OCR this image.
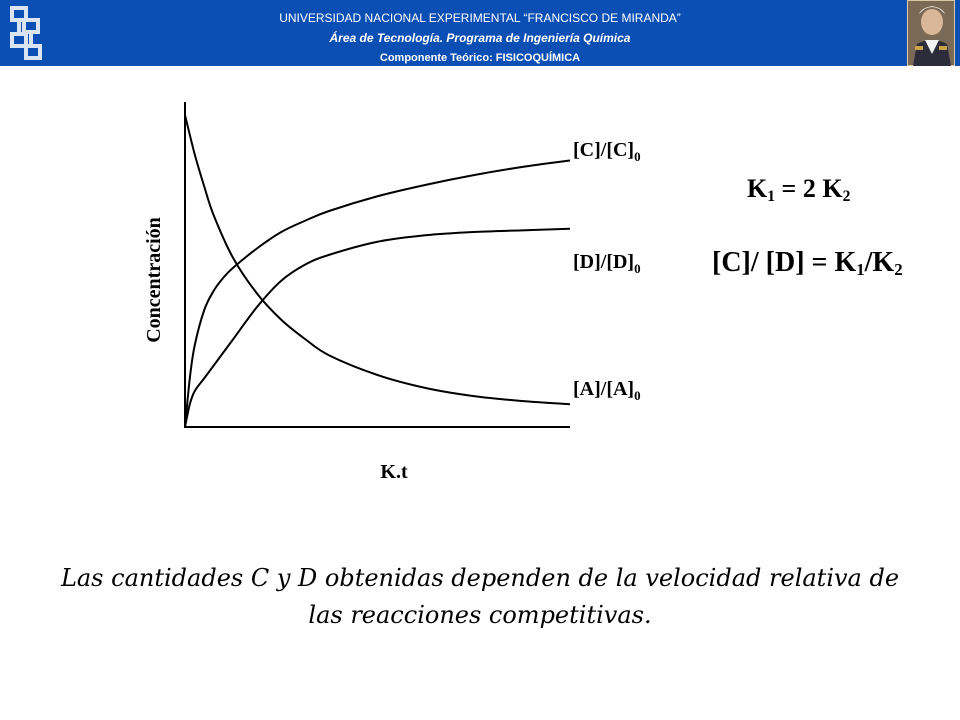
UNIVERSIDAD NACIONAL EXPERIMENTAL “FRANCISCO DE MIRANDA”
Área de Tecnología. Programa de Ingeniería Química
Componente Teórico: FISICOQUÍMICA
K.t
Concentración
$[C]/[C]_0$
$[D]/[D]_0$
$[A]/[A]_0$
$K_1 = 2$ $K_2$
[C]/ $[D] = K_1/K_2$
Las cantidades C y D obtenidas dependen de la velocidad relativa de las reacciones competitivas.
